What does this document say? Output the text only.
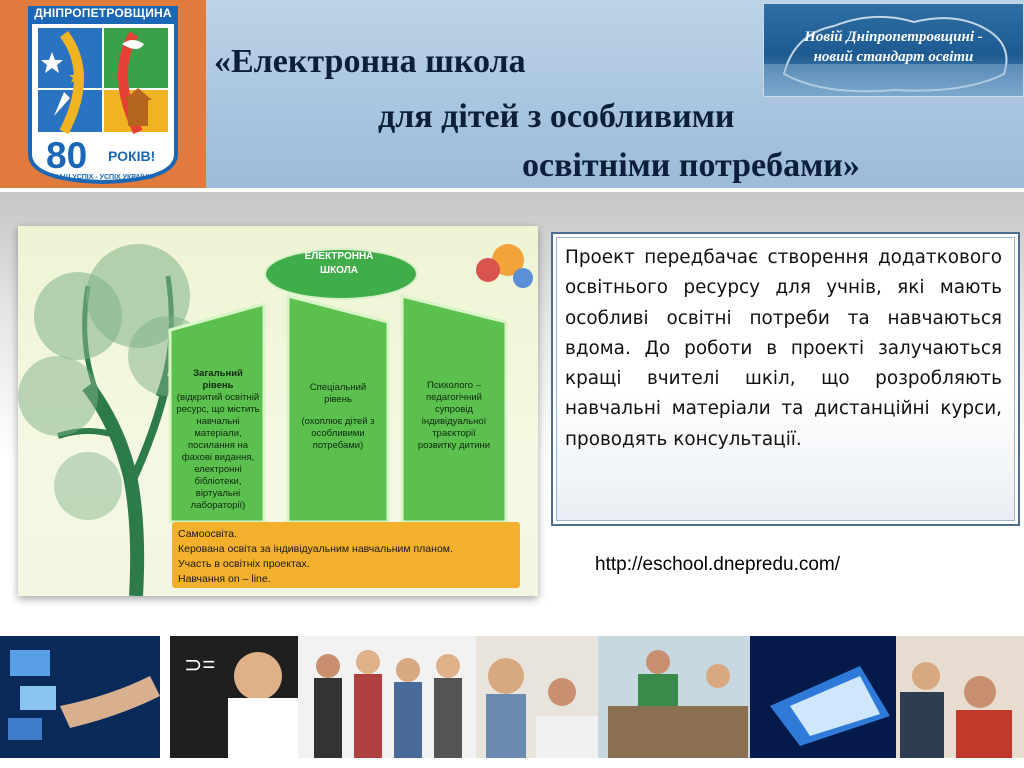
ДНІПРОПЕТРОВЩИНА
80 РОКІВ!
НАШ УСПІХ - УСПІХ УКРАЇНИ!
«Електронна школа
для дітей з особливими
освітніми потребами»
Новій Дніпропетровщині -
новий стандарт освіти
ЕЛЕКТРОННА
ШКОЛА
Загальний
рівень
(відкритий освітній
ресурс, що містить
навчальні
матеріали,
посилання на
фахові видання,
електронні
бібліотеки,
віртуальні
лабораторії)
Спеціальний
рівень
(охоплює дітей з
особливими
потребами)
Психолого –
педагогічний
супровід
індивідуальної
траєкторії
розвитку дитини
Самоосвіта.
Керована освіта за індивідуальним навчальним планом.
Участь в освітніх проектах.
Навчання on – line.
Проект передбачає створення додаткового освітнього ресурсу для учнів, які мають особливі освітні потреби та навчаються вдома. До роботи в проекті залучаються кращі вчителі шкіл, що розробляють навчальні матеріали та дистанційні курси, проводять консультації.
http://eschool.dnepredu.com/
⊃=
